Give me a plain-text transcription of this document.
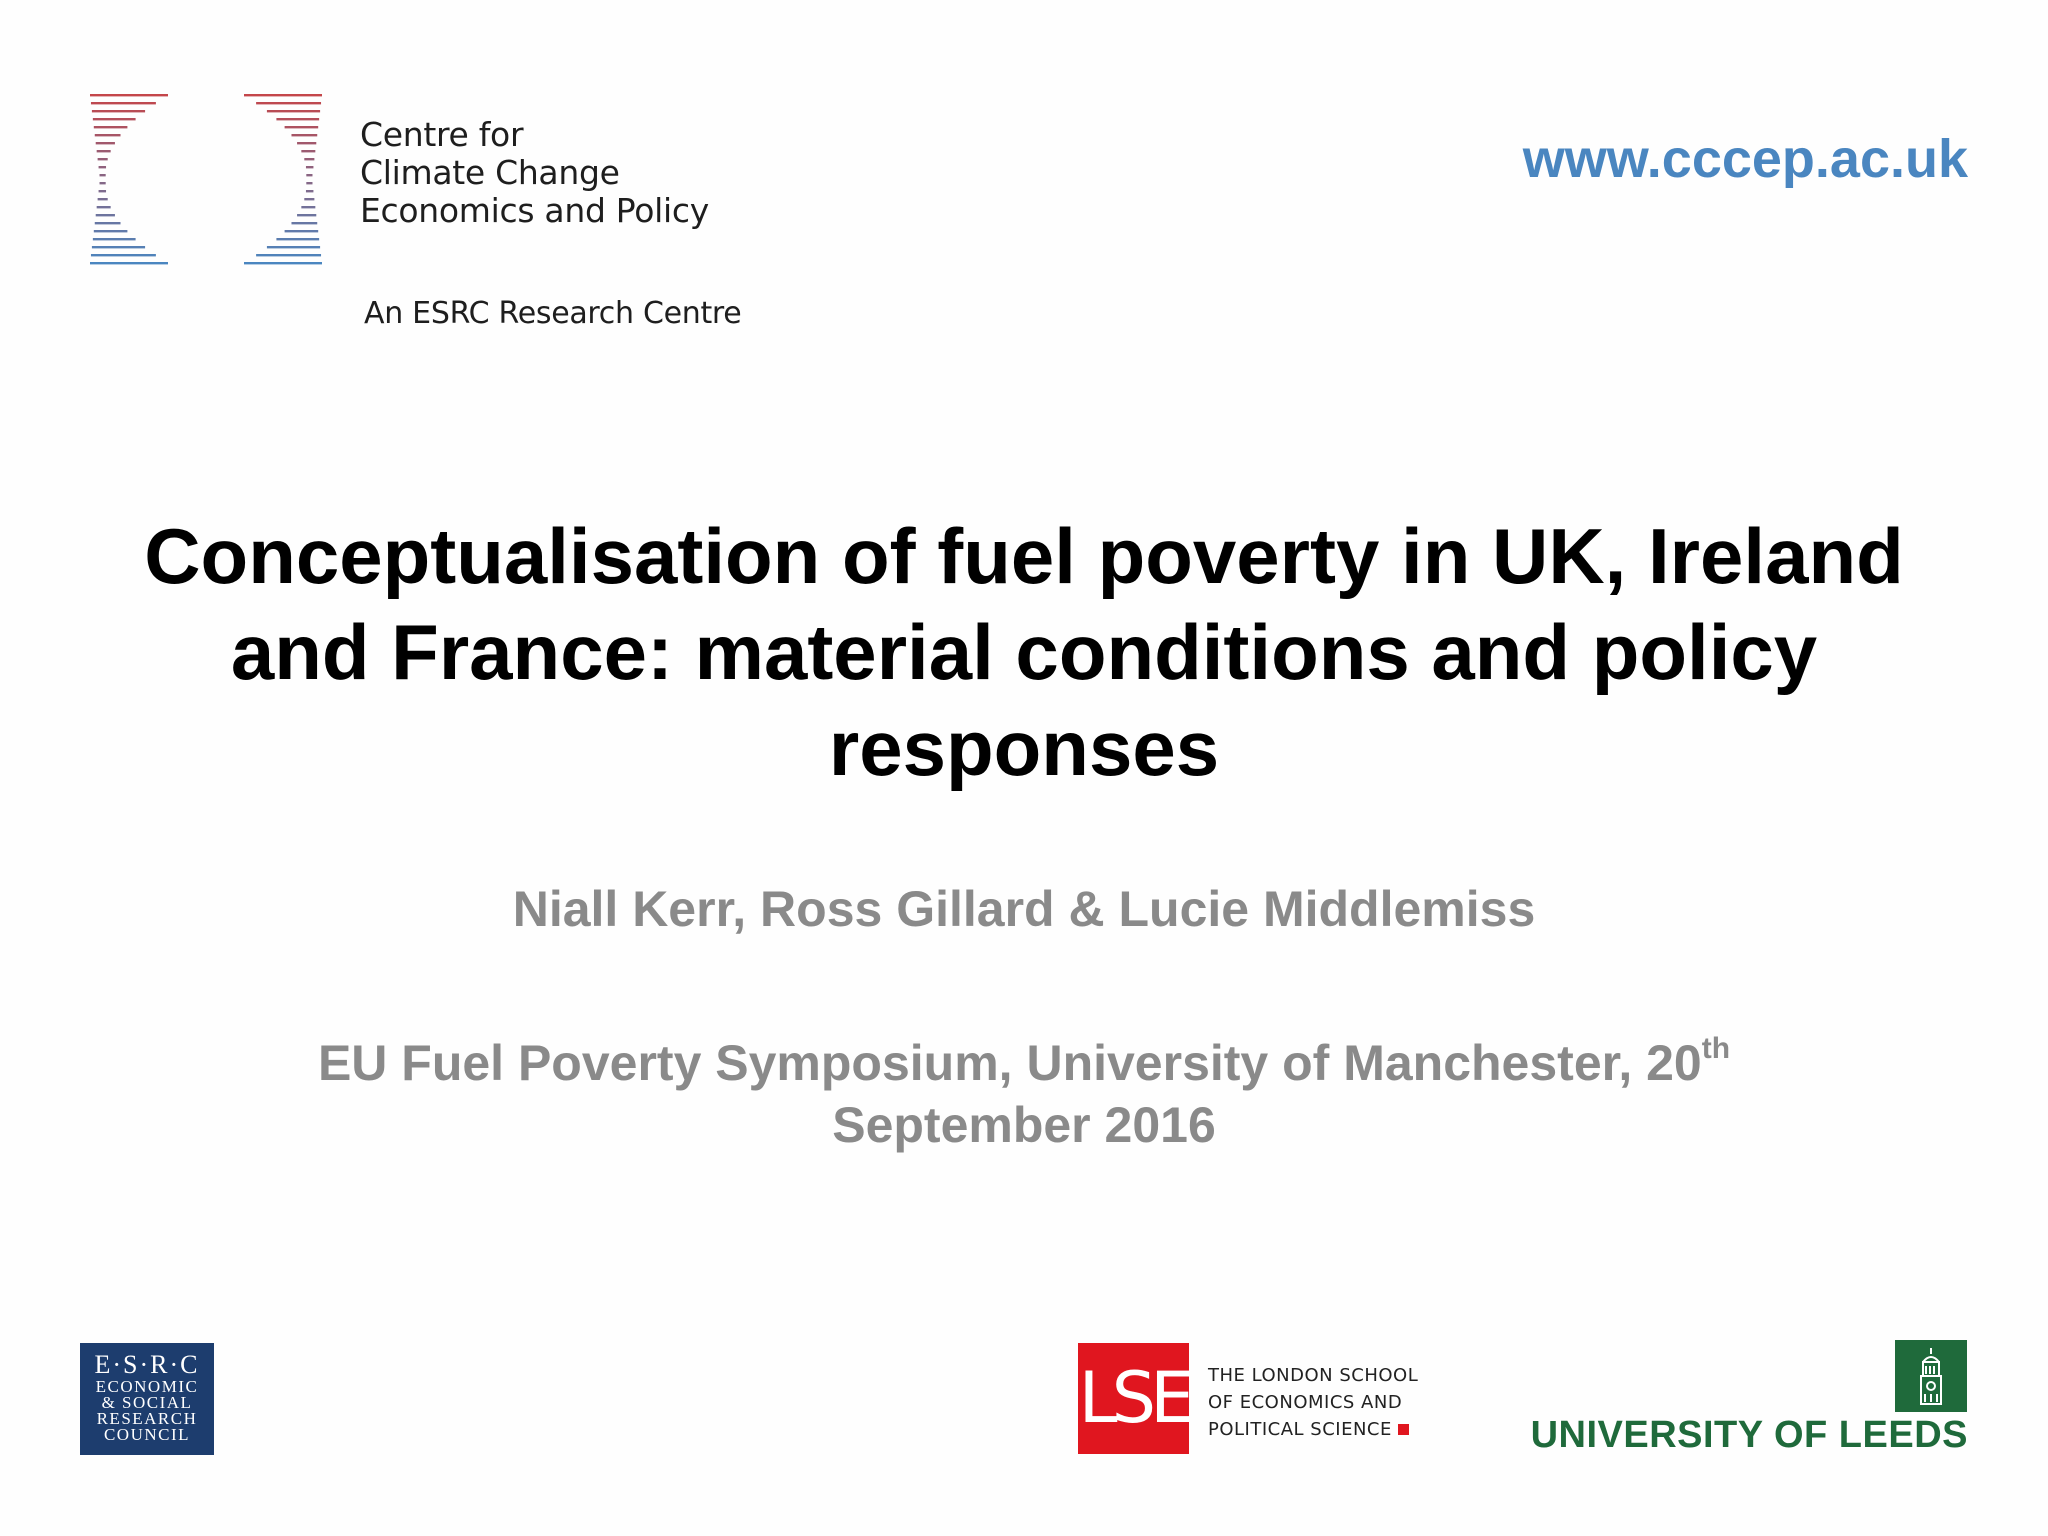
Centre for
Climate Change
Economics and Policy
An ESRC Research Centre
www.cccep.ac.uk
Conceptualisation of fuel poverty in UK, Ireland
and France: material conditions and policy
responses
Niall Kerr, Ross Gillard & Lucie Middlemiss
EU Fuel Poverty Symposium, University of Manchester, 20th
September 2016
E·S·R·C
ECONOMIC
& SOCIAL
RESEARCH
COUNCIL	LSE THE LONDON SCHOOL
OF ECONOMICS AND
POLITICAL SCIENCE	UNIVERSITY OF LEEDS
